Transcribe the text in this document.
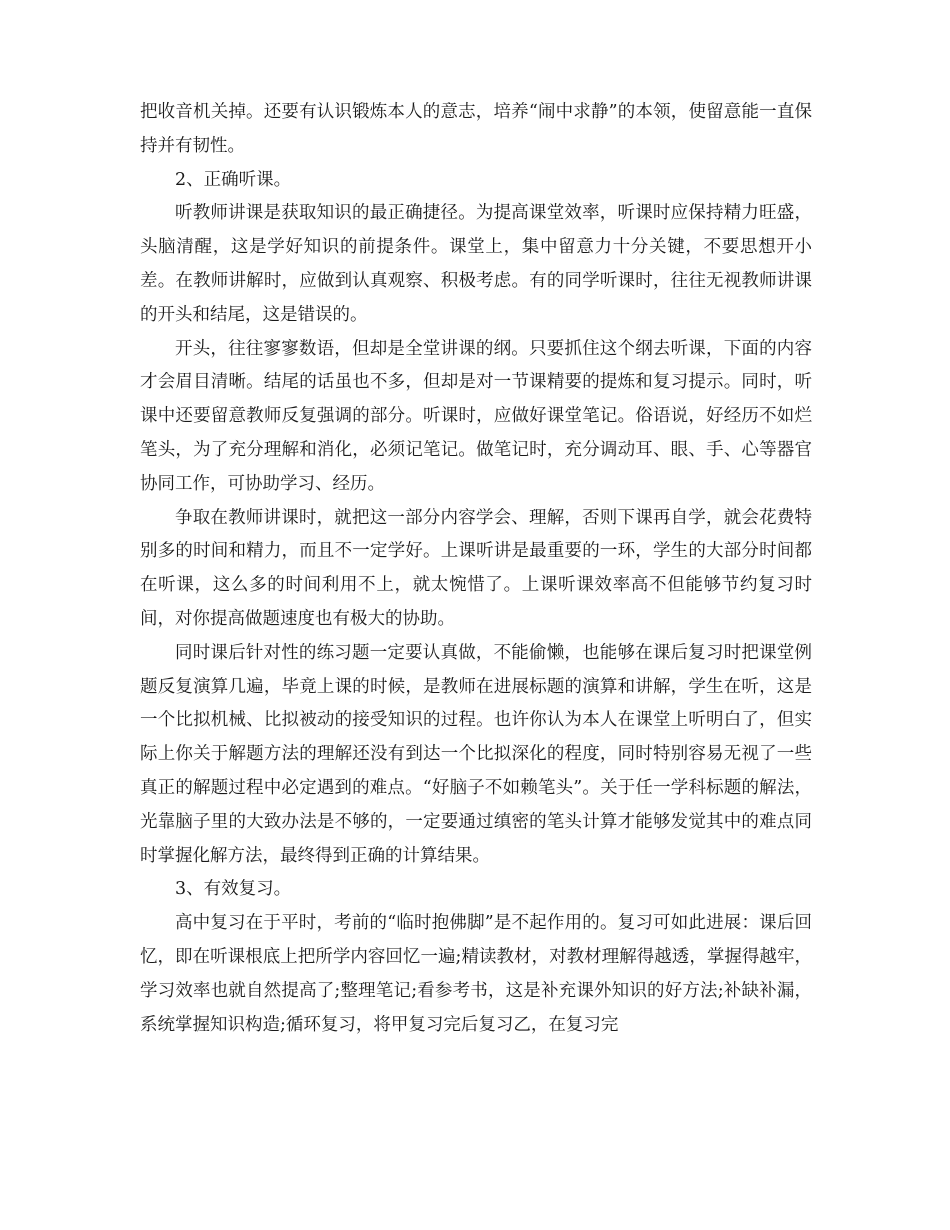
把收音机关掉。还要有认识锻炼本人的意志，培养“闹中求静”的本领，使留意能一直保持并有韧性。

2、正确听课。

听教师讲课是获取知识的最正确捷径。为提高课堂效率，听课时应保持精力旺盛，头脑清醒，这是学好知识的前提条件。课堂上，集中留意力十分关键，不要思想开小差。在教师讲解时，应做到认真观察、积极考虑。有的同学听课时，往往无视教师讲课的开头和结尾，这是错误的。

开头，往往寥寥数语，但却是全堂讲课的纲。只要抓住这个纲去听课，下面的内容才会眉目清晰。结尾的话虽也不多，但却是对一节课精要的提炼和复习提示。同时，听课中还要留意教师反复强调的部分。听课时，应做好课堂笔记。俗语说，好经历不如烂笔头，为了充分理解和消化，必须记笔记。做笔记时，充分调动耳、眼、手、心等器官协同工作，可协助学习、经历。

争取在教师讲课时，就把这一部分内容学会、理解，否则下课再自学，就会花费特别多的时间和精力，而且不一定学好。上课听讲是最重要的一环，学生的大部分时间都在听课，这么多的时间利用不上，就太惋惜了。上课听课效率高不但能够节约复习时间，对你提高做题速度也有极大的协助。

同时课后针对性的练习题一定要认真做，不能偷懒，也能够在课后复习时把课堂例题反复演算几遍，毕竟上课的时候，是教师在进展标题的演算和讲解，学生在听，这是一个比拟机械、比拟被动的接受知识的过程。也许你认为本人在课堂上听明白了，但实际上你关于解题方法的理解还没有到达一个比拟深化的程度，同时特别容易无视了一些真正的解题过程中必定遇到的难点。“好脑子不如赖笔头”。关于任一学科标题的解法，光靠脑子里的大致办法是不够的，一定要通过缜密的笔头计算才能够发觉其中的难点同时掌握化解方法，最终得到正确的计算结果。

3、有效复习。

高中复习在于平时，考前的“临时抱佛脚”是不起作用的。复习可如此进展：课后回忆，即在听课根底上把所学内容回忆一遍;精读教材，对教材理解得越透，掌握得越牢，学习效率也就自然提高了;整理笔记;看参考书，这是补充课外知识的好方法;补缺补漏，系统掌握知识构造;循环复习，将甲复习完后复习乙，在复习完
